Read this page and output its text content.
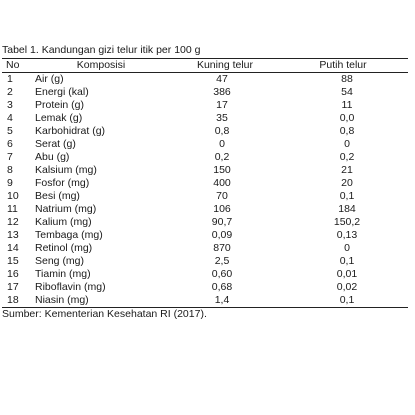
Tabel 1. Kandungan gizi telur itik per 100 g
No	Komposisi	Kuning telur	Putih telur
1	Air (g)	47	88
2	Energi (kal)	386	54
3	Protein (g)	17	11
4	Lemak (g)	35	0,0
5	Karbohidrat (g)	0,8	0,8
6	Serat (g)	0	0
7	Abu (g)	0,2	0,2
8	Kalsium (mg)	150	21
9	Fosfor (mg)	400	20
10	Besi (mg)	70	0,1
11	Natrium (mg)	106	184
12	Kalium (mg)	90,7	150,2
13	Tembaga (mg)	0,09	0,13
14	Retinol (mg)	870	0
15	Seng (mg)	2,5	0,1
16	Tiamin (mg)	0,60	0,01
17	Riboflavin (mg)	0,68	0,02
18	Niasin (mg)	1,4	0,1
Sumber: Kementerian Kesehatan RI (2017).
